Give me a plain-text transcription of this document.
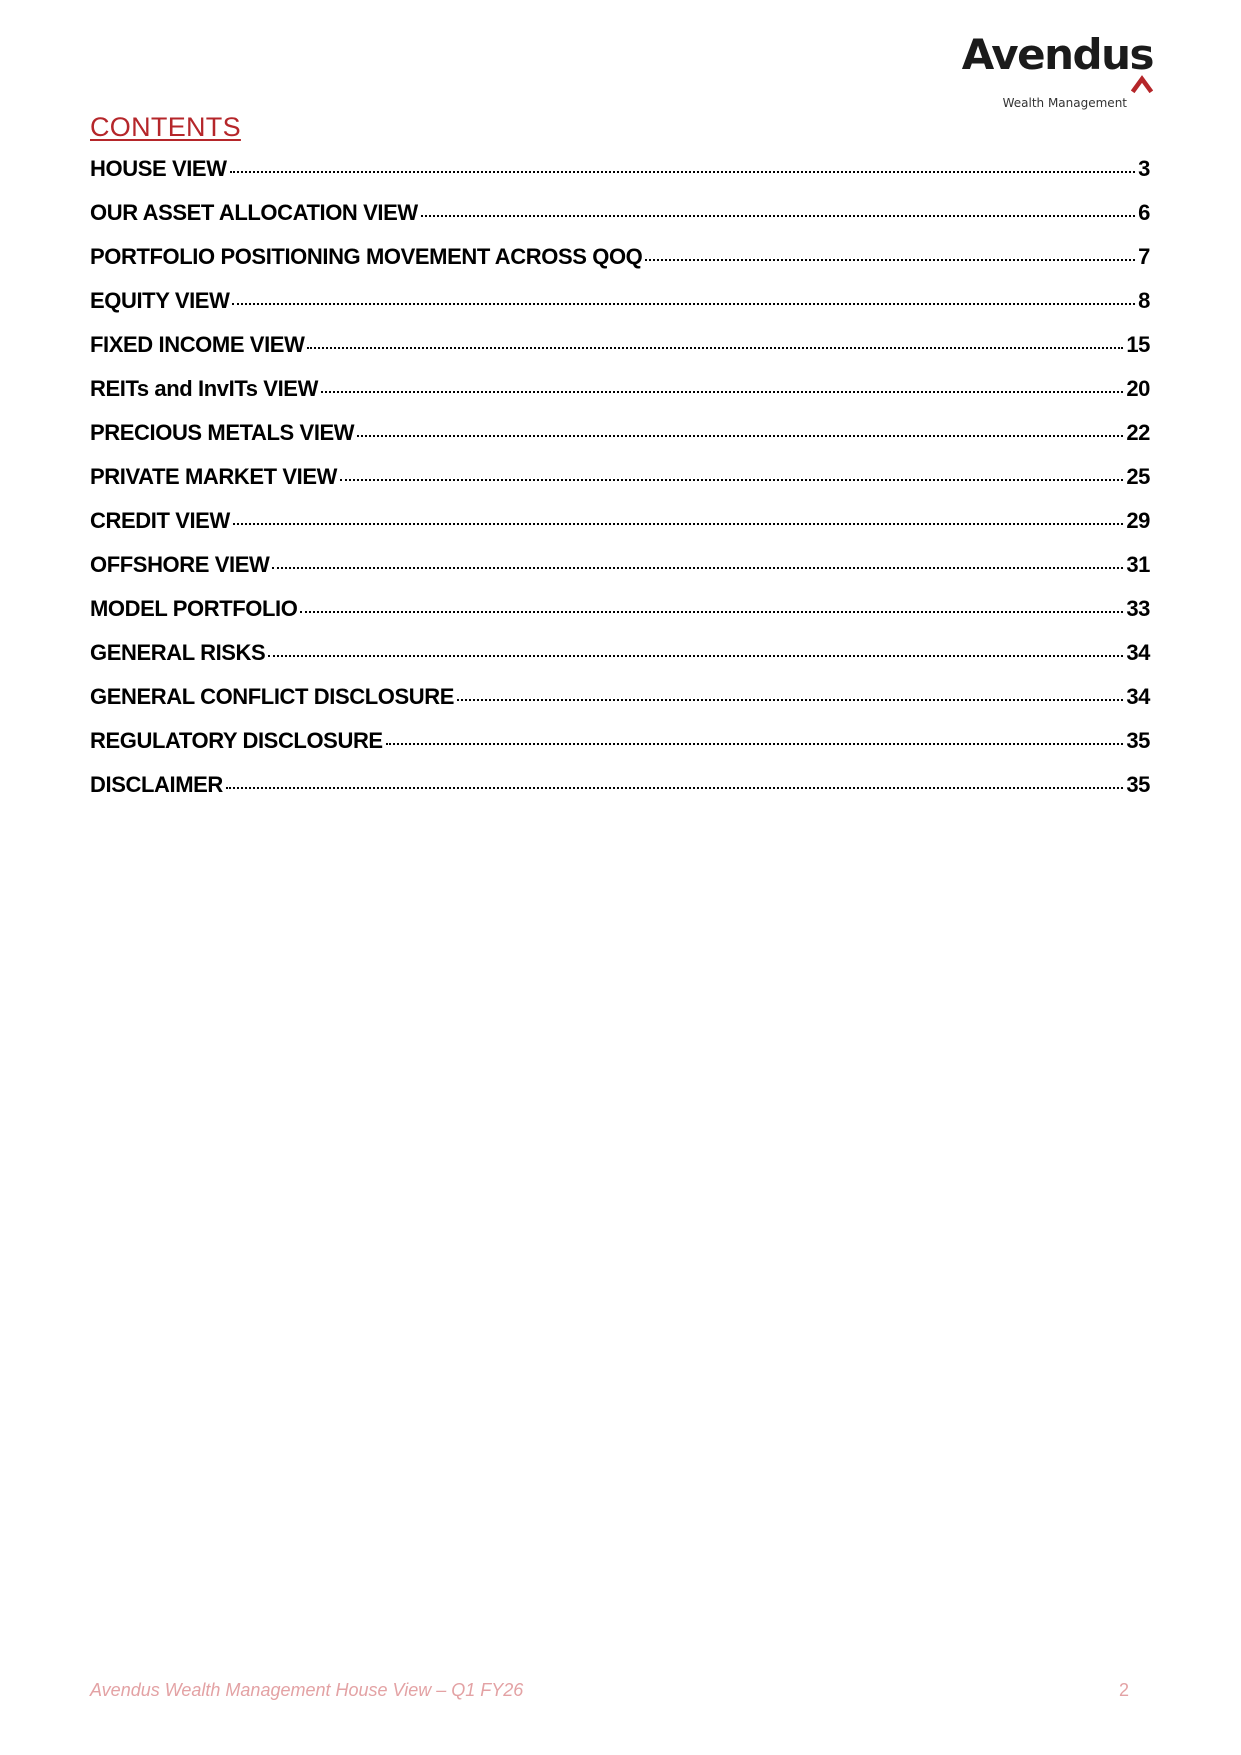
Avendus
Wealth Management
CONTENTS
HOUSE VIEW	3
OUR ASSET ALLOCATION VIEW	6
PORTFOLIO POSITIONING MOVEMENT ACROSS QOQ	7
EQUITY VIEW	8
FIXED INCOME VIEW	15
REITs and InvITs VIEW	20
PRECIOUS METALS VIEW	22
PRIVATE MARKET VIEW	25
CREDIT VIEW	29
OFFSHORE VIEW	31
MODEL PORTFOLIO	33
GENERAL RISKS	34
GENERAL CONFLICT DISCLOSURE	34
REGULATORY DISCLOSURE	35
DISCLAIMER	35
Avendus Wealth Management House View – Q1 FY26	2
